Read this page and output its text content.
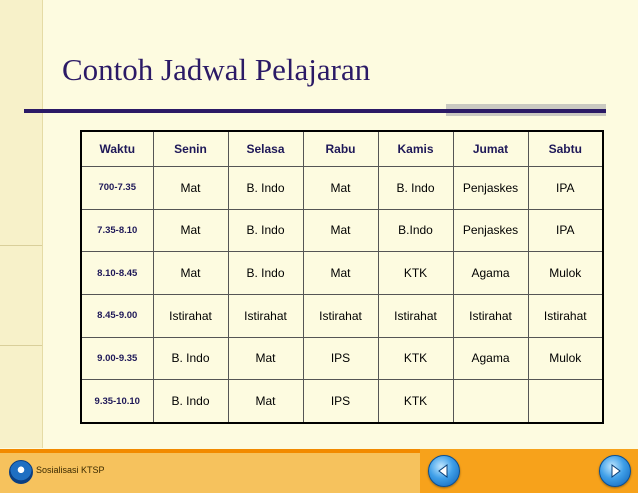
Contoh Jadwal Pelajaran
Waktu	Senin	Selasa	Rabu	Kamis	Jumat	Sabtu
700-7.35	Mat	B. Indo	Mat	B. Indo	Penjaskes	IPA
7.35-8.10	Mat	B. Indo	Mat	B.Indo	Penjaskes	IPA
8.10-8.45	Mat	B. Indo	Mat	KTK	Agama	Mulok
8.45-9.00	Istirahat	Istirahat	Istirahat	Istirahat	Istirahat	Istirahat
9.00-9.35	B. Indo	Mat	IPS	KTK	Agama	Mulok
9.35-10.10	B. Indo	Mat	IPS	KTK		
Sosialisasi KTSP
